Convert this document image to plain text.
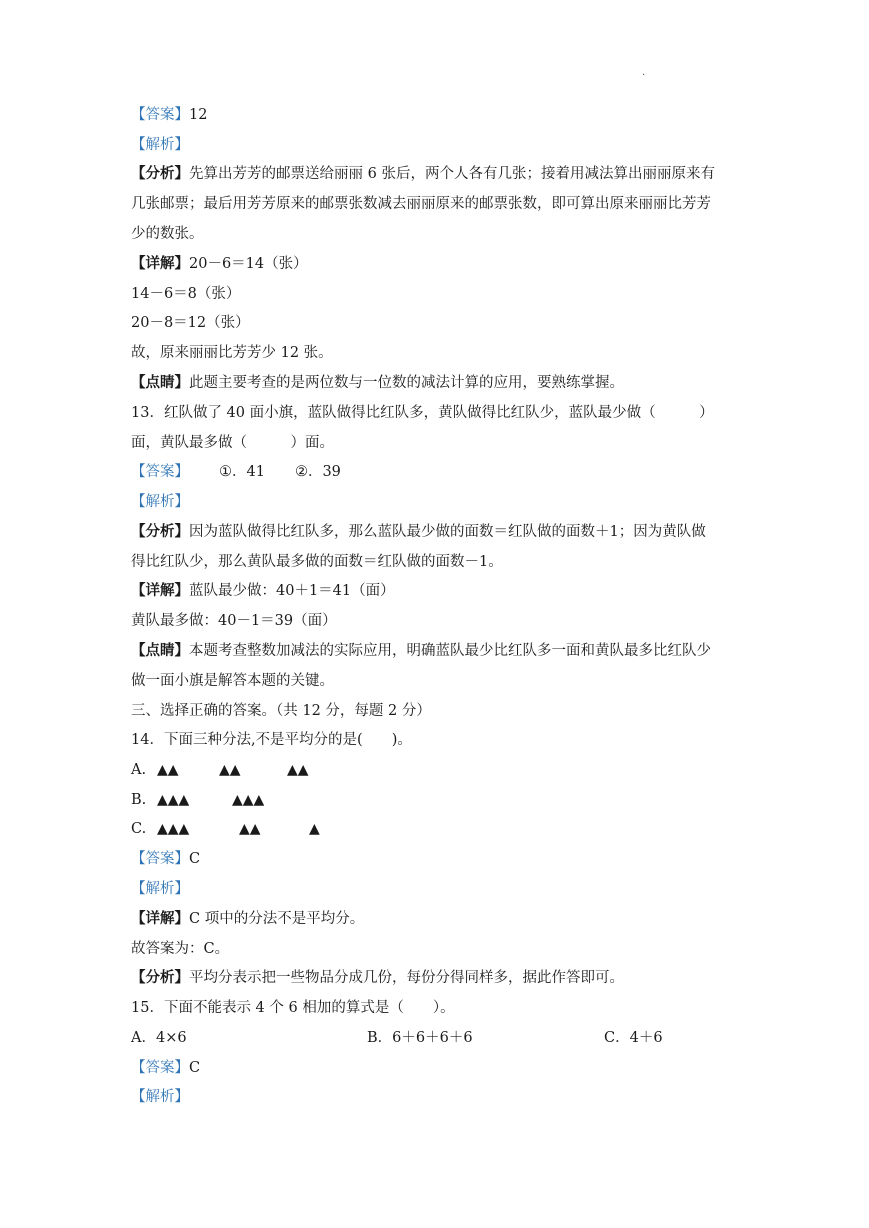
·
【答案】12
【解析】
【分析】先算出芳芳的邮票送给丽丽 6 张后，两个人各有几张；接着用减法算出丽丽原来有
几张邮票；最后用芳芳原来的邮票张数减去丽丽原来的邮票张数，即可算出原来丽丽比芳芳
少的数张。
【详解】20－6＝14（张）
14－6＝8（张）
20－8＝12（张）
故，原来丽丽比芳芳少 12 张。
【点睛】此题主要考查的是两位数与一位数的减法计算的应用，要熟练掌握。
13．红队做了 40 面小旗，蓝队做得比红队多，黄队做得比红队少，蓝队最少做（　　　）
面，黄队最多做（　　　）面。
【答案】 ①．41 ②．39
【解析】
【分析】因为蓝队做得比红队多，那么蓝队最少做的面数＝红队做的面数＋1；因为黄队做
得比红队少，那么黄队最多做的面数＝红队做的面数－1。
【详解】蓝队最少做：40＋1＝41（面）
黄队最多做：40－1＝39（面）
【点睛】本题考查整数加减法的实际应用，明确蓝队最少比红队多一面和黄队最多比红队少
做一面小旗是解答本题的关键。
三、选择正确的答案。（共 12 分，每题 2 分）
14．下面三种分法,不是平均分的是(　　)。
A. ▲▲	▲▲	▲▲
B. ▲▲▲	▲▲▲
C. ▲▲▲	▲▲	▲
【答案】C
【解析】
【详解】C 项中的分法不是平均分。
故答案为：C。
【分析】平均分表示把一些物品分成几份，每份分得同样多，据此作答即可。
15．下面不能表示 4 个 6 相加的算式是（　　）。
A．4×6	B．6＋6＋6＋6	C．4＋6
【答案】C
【解析】
